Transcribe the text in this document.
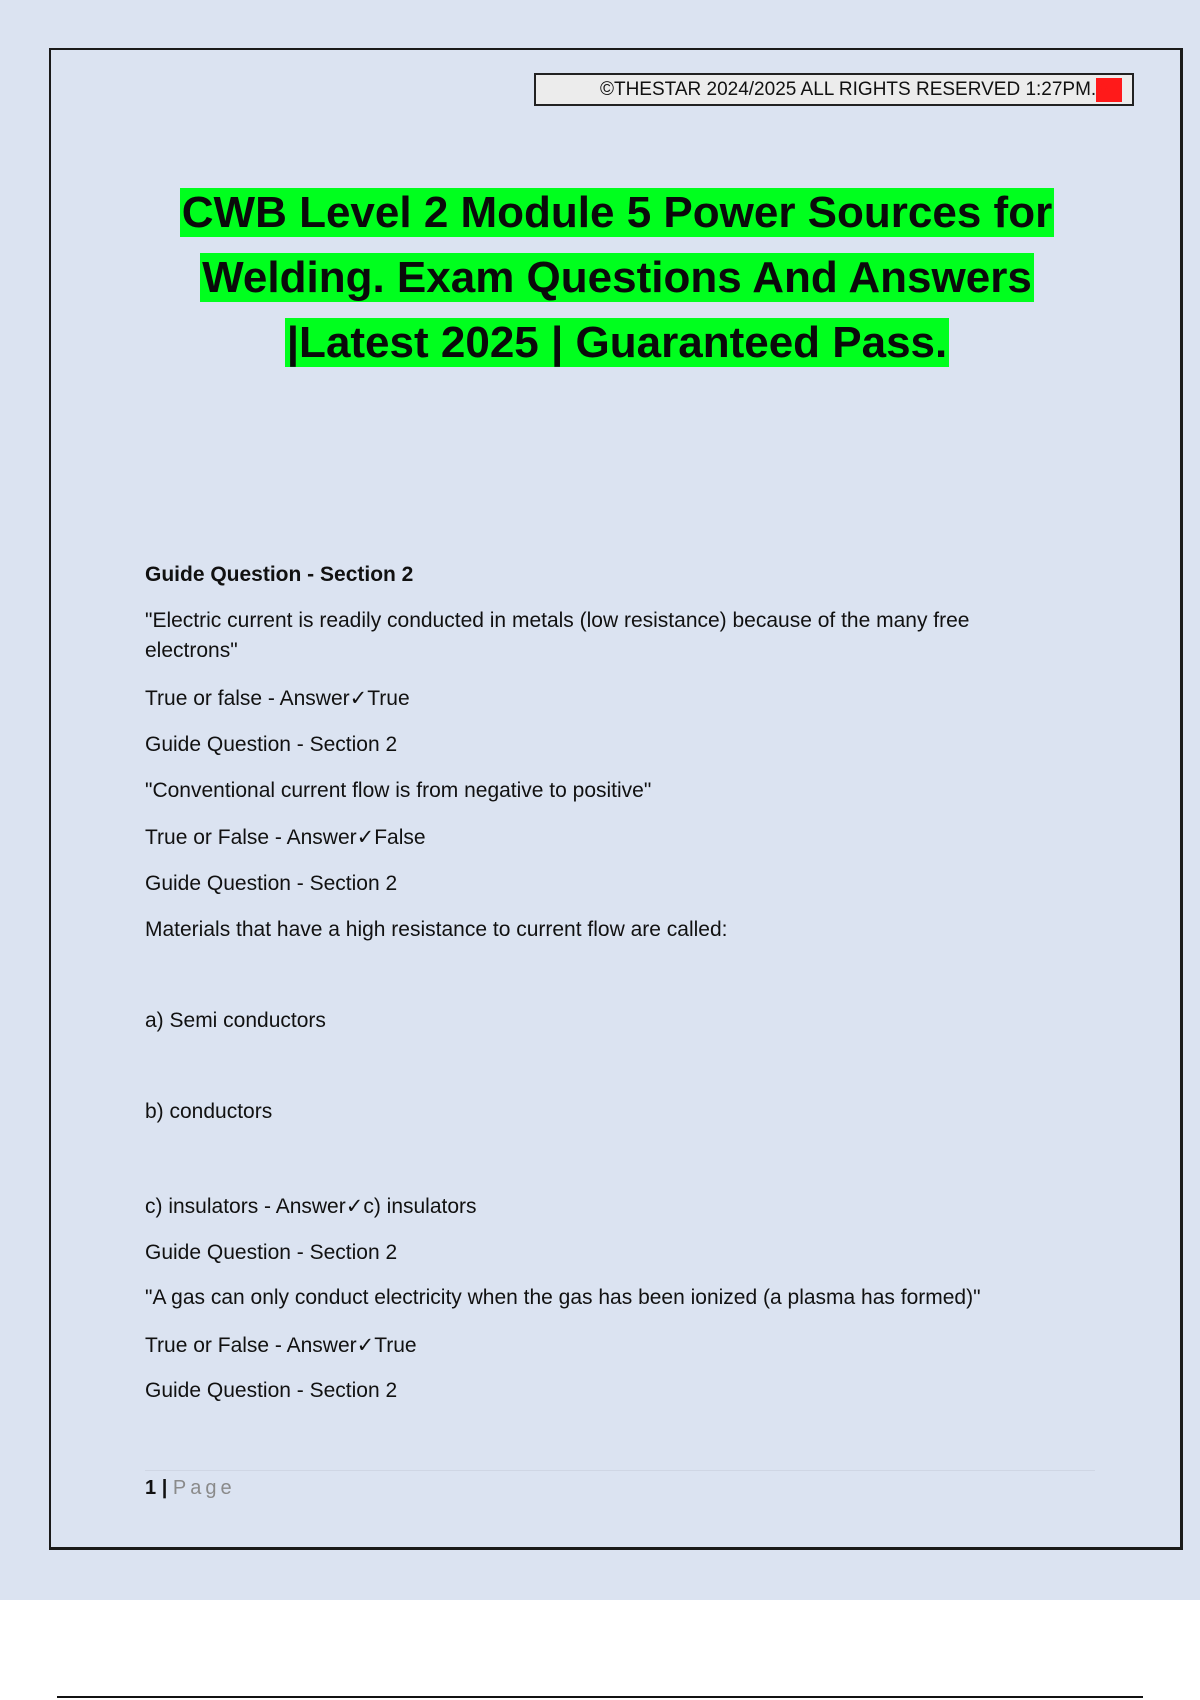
©THESTAR 2024/2025 ALL RIGHTS RESERVED 1:27PM.A+
CWB Level 2 Module 5 Power Sources for
Welding. Exam Questions And Answers
|Latest 2025 | Guaranteed Pass.

Guide Question - Section 2

"Electric current is readily conducted in metals (low resistance) because of the many free

electrons"

True or false - Answer✓True

Guide Question - Section 2

"Conventional current flow is from negative to positive"

True or False - Answer✓False

Guide Question - Section 2

Materials that have a high resistance to current flow are called:

a) Semi conductors

b) conductors

c) insulators - Answer✓c) insulators

Guide Question - Section 2

"A gas can only conduct electricity when the gas has been ionized (a plasma has formed)"

True or False - Answer✓True

Guide Question - Section 2

1 | Page
